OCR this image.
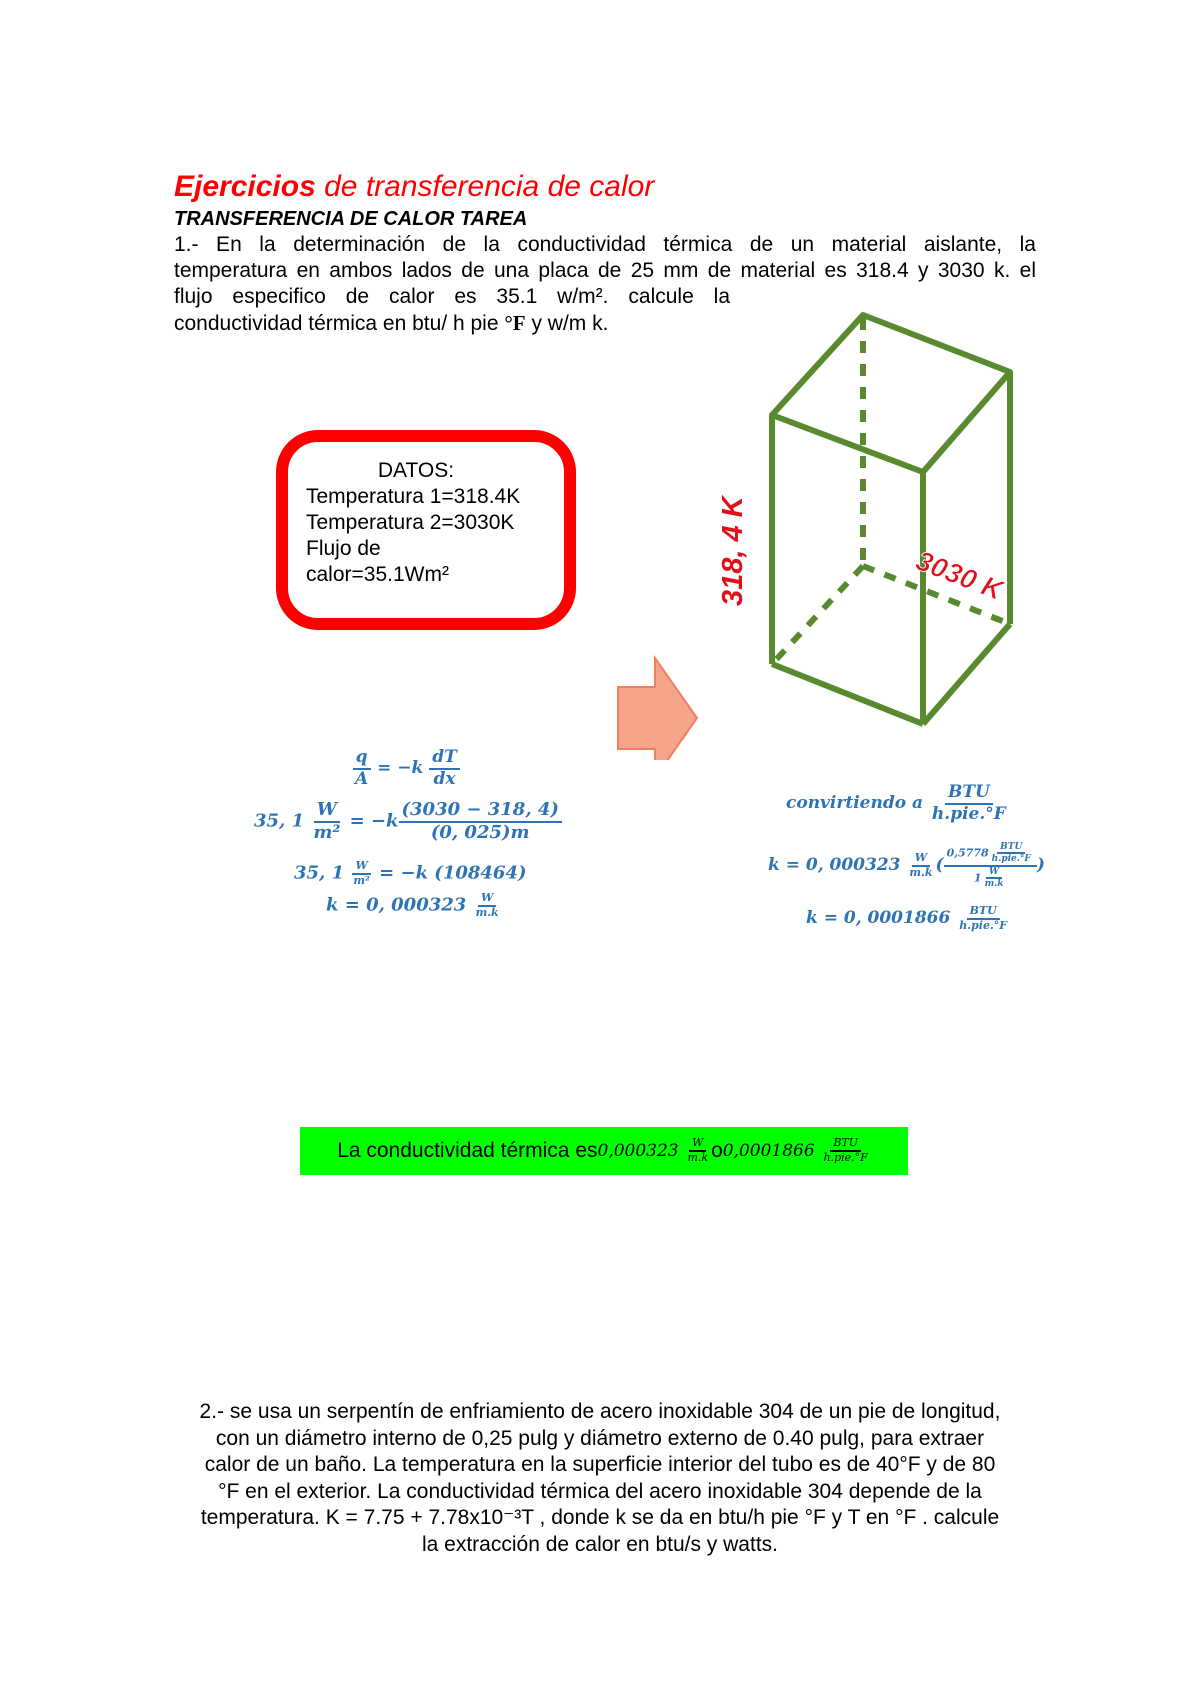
Ejercicios de transferencia de calor
TRANSFERENCIA DE CALOR TAREA
1.- En la determinación de la conductividad térmica de un material aislante, la
temperatura en ambos lados de una placa de 25 mm de material es 318.4 y 3030 k. el
flujo especifico de calor es 35.1 w/m². calcule la
conductividad térmica en btu/ h pie °F y w/m k.
DATOS:
Temperatura 1=318.4K
Temperatura 2=3030K
Flujo de
calor=35.1Wm²	318, 4 K	3030 K
$\frac{q}{A} = -k \frac{dT}{dx}$
35, $1 \frac{W}{\text{m²}} = -k \frac{(3030 - 318, 4)}{(0, 025)m}$
35, $1 \frac{W}{\text{m²}} = -k$ (108464)
k = 0, $000323 \frac{W}{m.k}$
convirtiendo a $\frac{\text{BTU}}{\text{h.pie.°F}}$
k = 0, $000323 \frac{W}{m.k}$ ( $\frac{0,5778 \frac{\text{BTU}}{\text{h.pie.°F}}}{1 \frac{W}{m.k}}$ )
k = 0, $0001866 \frac{\text{BTU}}{\text{h.pie.°F}}$
La conductividad térmica es 0,000323
$\frac{W}{m.k}$ o 0,0001866
$\frac{\text{BTU}}{\text{h.pie.°F}}$
2.- se usa un serpentín de enfriamiento de acero inoxidable 304 de un pie de longitud,
con un diámetro interno de 0,25 pulg y diámetro externo de 0.40 pulg, para extraer
calor de un baño. La temperatura en la superficie interior del tubo es de 40°F y de 80
°F en el exterior. La conductividad térmica del acero inoxidable 304 depende de la
temperatura. K = 7.75 + 7.78x10⁻³T , donde k se da en btu/h pie °F y T en °F . calcule
la extracción de calor en btu/s y watts.
